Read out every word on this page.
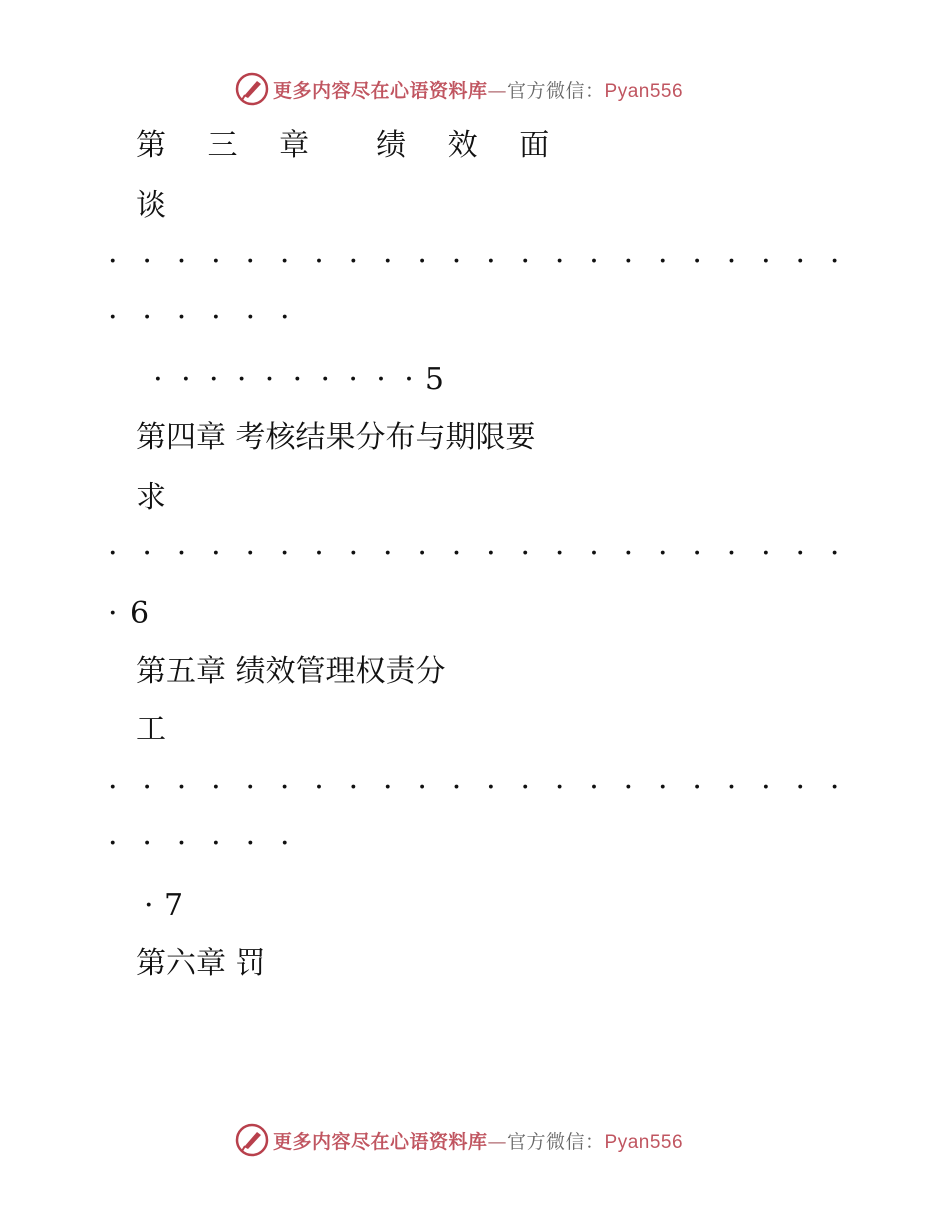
更多内容尽在心语资料库—官方微信：Pyan556
第 三 章  绩 效 面
谈
· · · · · · · · · · · · · · · · · · · · · ·
· · · · · ·
· · · · · · · · · · 5
第四章 考核结果分布与期限要
求
· · · · · · · · · · · · · · · · · · · · · ·
· 6
第五章 绩效管理权责分
工
· · · · · · · · · · · · · · · · · · · · · ·
· · · · · ·
· 7
第六章 罚
更多内容尽在心语资料库—官方微信：Pyan556
